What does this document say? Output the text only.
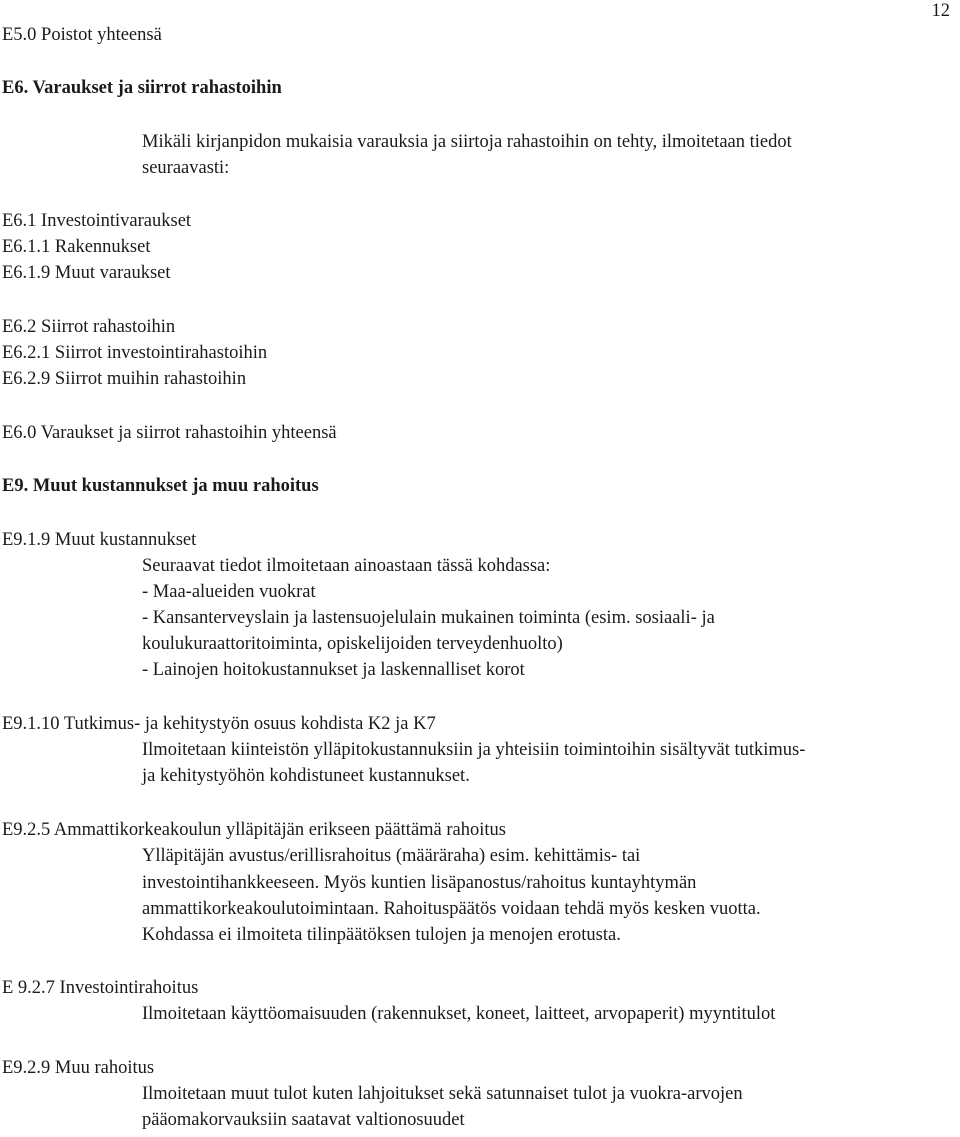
12
E5.0 Poistot yhteensä
E6. Varaukset ja siirrot rahastoihin
Mikäli kirjanpidon mukaisia varauksia ja siirtoja rahastoihin on tehty, ilmoitetaan tiedot
seuraavasti:
E6.1 Investointivaraukset
E6.1.1 Rakennukset
E6.1.9 Muut varaukset
E6.2 Siirrot rahastoihin
E6.2.1 Siirrot investointirahastoihin
E6.2.9 Siirrot muihin rahastoihin
E6.0 Varaukset ja siirrot rahastoihin yhteensä
E9. Muut kustannukset ja muu rahoitus
E9.1.9 Muut kustannukset
Seuraavat tiedot ilmoitetaan ainoastaan tässä kohdassa:
- Maa-alueiden vuokrat
- Kansanterveyslain ja lastensuojelulain mukainen toiminta (esim. sosiaali- ja
koulukuraattoritoiminta, opiskelijoiden terveydenhuolto)
- Lainojen hoitokustannukset ja laskennalliset korot
E9.1.10 Tutkimus- ja kehitystyön osuus kohdista K2 ja K7
Ilmoitetaan kiinteistön ylläpitokustannuksiin ja yhteisiin toimintoihin sisältyvät tutkimus-
ja kehitystyöhön kohdistuneet kustannukset.
E9.2.5 Ammattikorkeakoulun ylläpitäjän erikseen päättämä rahoitus
Ylläpitäjän avustus/erillisrahoitus (määräraha) esim. kehittämis- tai
investointihankkeeseen. Myös kuntien lisäpanostus/rahoitus kuntayhtymän
ammattikorkeakoulutoimintaan. Rahoituspäätös voidaan tehdä myös kesken vuotta.
Kohdassa ei ilmoiteta tilinpäätöksen tulojen ja menojen erotusta.
E 9.2.7 Investointirahoitus
Ilmoitetaan käyttöomaisuuden (rakennukset, koneet, laitteet, arvopaperit) myyntitulot
E9.2.9 Muu rahoitus
Ilmoitetaan muut tulot kuten lahjoitukset sekä satunnaiset tulot ja vuokra-arvojen
pääomakorvauksiin saatavat valtionosuudet
